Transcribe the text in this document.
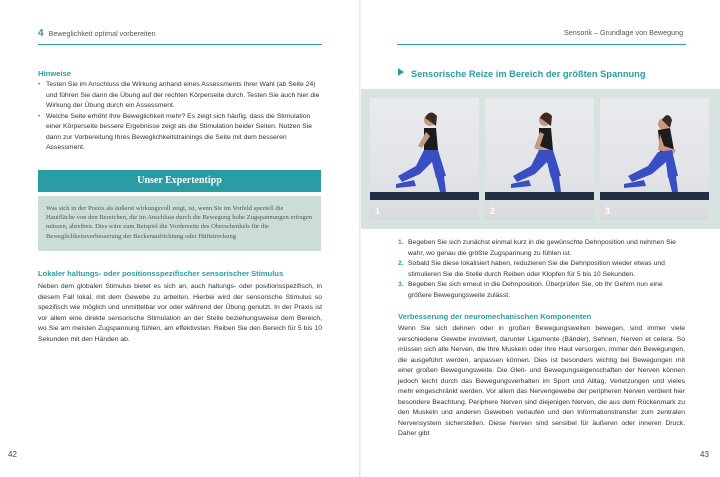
4 Beweglichkeit optimal vorbereiten
Hinweise
• Testen Sie im Anschluss die Wirkung anhand eines Assessments Ihrer Wahl (ab Seite 24) und führen Sie dann die Übung auf der rechten Körperseite durch. Testen Sie auch hier die Wirkung der Übung durch ein Assessment.
• Welche Seite erhöht Ihre Beweglichkeit mehr? Es zeigt sich häufig, dass die Stimulation einer Körperseite bessere Ergebnisse zeigt als die Stimulation beider Seiten. Nutzen Sie dann zur Vorbereitung Ihres Beweglichkeitstrainings die Seite mit dem besseren Assessment.
Unser Expertentipp
Was sich in der Praxis als äußerst wirkungsvoll zeigt, ist, wenn Sie im Vorfeld speziell die Hautfläche von den Bereichen, die im Anschluss durch die Bewegung hohe Zugspannungen ertragen müssen, abreiben. Dies wäre zum Beispiel die Vorderseite des Oberschenkels für die Beweglichkeitsverbesserung der Beckenaufrichtung oder Hüftstreckung
Lokaler haltungs- oder positionsspezifischer sensorischer Stimulus
Neben dem globalen Stimulus bietet es sich an, auch haltungs- oder positionsspezifisch, in diesem Fall lokal, mit dem Gewebe zu arbeiten. Hierbei wird der sensorische Stimulus so spezifisch wie möglich und unmittelbar vor oder während der Übung genutzt. In der Praxis ist vor allem eine direkte sensorische Stimulation an der Stelle beziehungsweise dem Bereich, wo Sie am meisten Zugspannung fühlen, am effektivsten. Reiben Sie den Bereich für 5 bis 10 Sekunden mit den Händen ab.
42
Sensorik – Grundlage von Bewegung
Sensorische Reize im Bereich der größten Spannung
1	2	3
1. Begeben Sie sich zunächst einmal kurz in die gewünschte Dehnposition und nehmen Sie wahr, wo genau die größte Zugspannung zu fühlen ist.
2. Sobald Sie diese lokalisiert haben, reduzieren Sie die Dehnposition wieder etwas und stimulieren Sie die Stelle durch Reiben oder Klopfen für 5 bis 10 Sekunden.
3. Begeben Sie sich erneut in die Dehnposition. Überprüfen Sie, ob Ihr Gehirn nun eine größere Bewegungsweite zulässt.
Verbesserung der neuromechanischen Komponenten
Wenn Sie sich dehnen oder in großen Bewegungsweiten bewegen, sind immer viele verschiedene Gewebe involviert, darunter Ligamente (Bänder), Sehnen, Nerven et cetera. So müssen sich alle Nerven, die Ihre Muskeln oder Ihre Haut versorgen, immer den Bewegungen, die ausgeführt werden, anpassen können. Dies ist besonders wichtig bei Bewegungen mit einer großen Bewegungsweite. Die Gleit- und Bewegungseigenschaften der Nerven können jedoch leicht durch das Bewegungsverhalten im Sport und Alltag, Verletzungen und vieles mehr eingeschränkt werden. Vor allem das Nervengewebe der peripheren Nerven verdient hier besondere Beachtung. Periphere Nerven sind diejenigen Nerven, die aus dem Rückenmark zu den Muskeln und anderen Geweben verlaufen und den Informationstransfer zum zentralen Nervensystem sicherstellen. Diese Nerven sind sensibel für äußeren oder inneren Druck. Daher gibt
43
